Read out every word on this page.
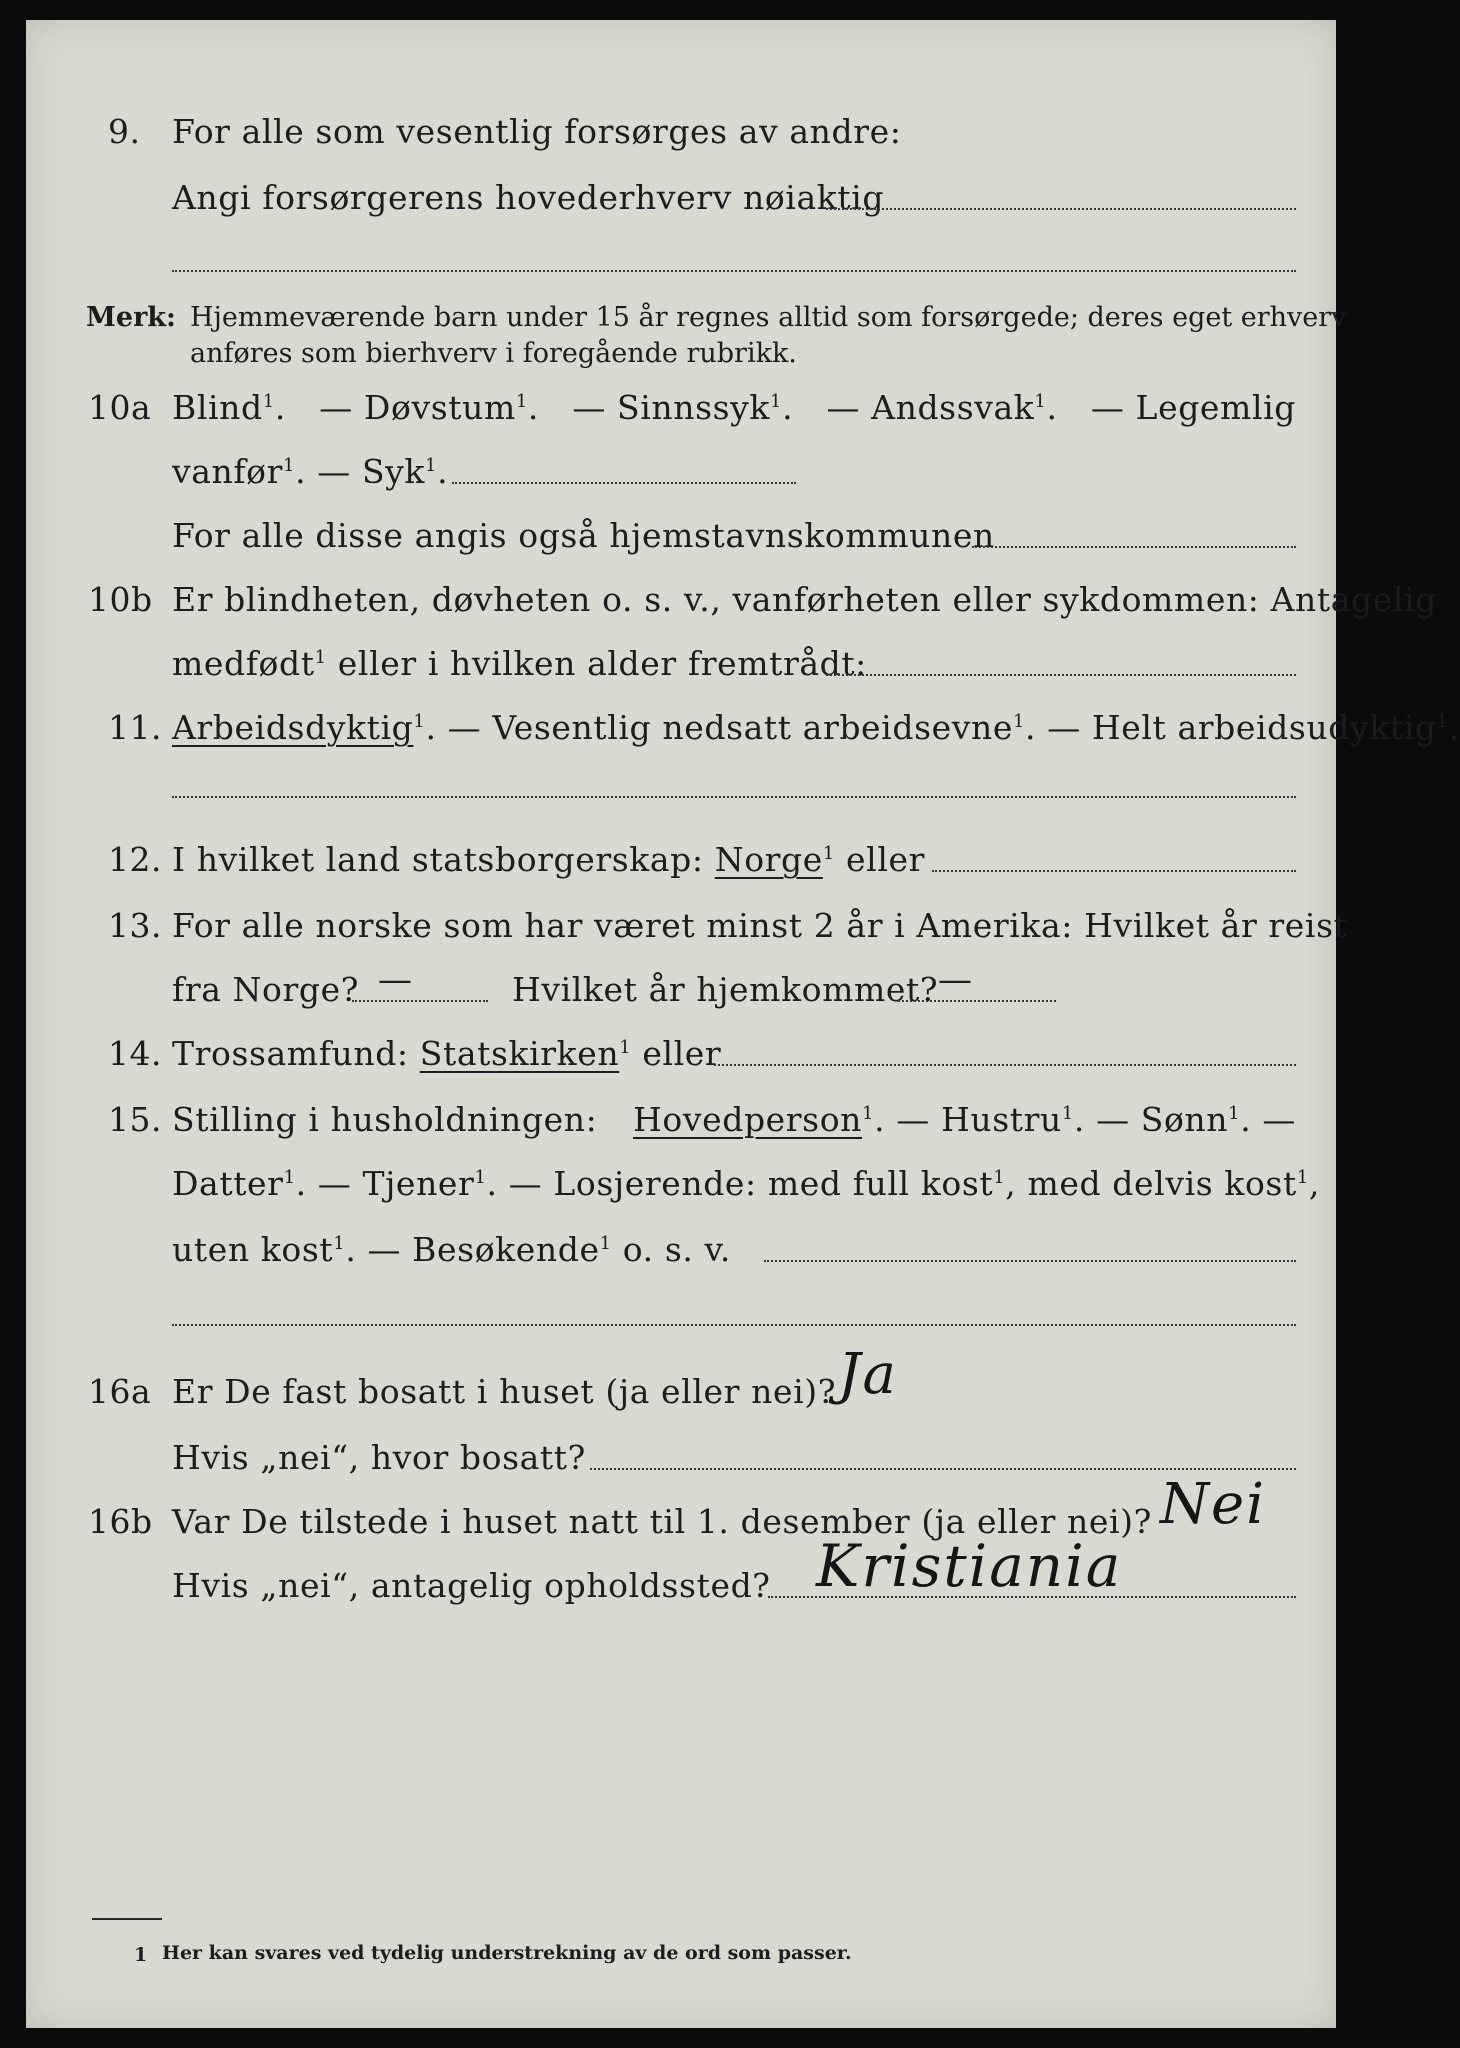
9. For alle som vesentlig forsørges av andre:
Angi forsørgerens hovederhverv nøiaktig
Merk: Hjemmeværende barn under 15 år regnes alltid som forsørgede; deres eget erhverv
anføres som bierhverv i foregående rubrikk.
10a Blind$^1$. — Døvstum$^1$. — Sinnssyk$^1$. — Andssvak$^1$. — Legemlig
vanfør$^1$. — Syk$^1$.
For alle disse angis også hjemstavnskommunen
10b Er blindheten, døvheten o. s. v., vanførheten eller sykdommen: Antagelig
medfødt$^1$ eller i hvilken alder fremtrådt:
11. Arbeidsdyktig$^1$. — Vesentlig nedsatt arbeidsevne$^1$. — Helt arbeidsudyktig$^1$.
12. I hvilket land statsborgerskap: Norge$^1$ eller
13. For alle norske som har været minst 2 år i Amerika: Hvilket år reist
fra Norge? —	Hvilket år hjemkommet? —
14. Trossamfund: Statskirken$^1$ eller
15. Stilling i husholdningen: Hovedperson$^1$. — Hustru$^1$. — Sønn$^1$. —
Datter$^1$. — Tjener$^1$. — Losjerende: med full kost$^1$, med delvis kost$^1$,
uten kost$^1$. — Besøkende$^1$ o. s. v.
16a Er De fast bosatt i huset (ja eller nei)? Ja
Hvis „nei“, hvor bosatt?
16b Var De tilstede i huset natt til 1. desember (ja eller nei)? Nei
Hvis „nei“, antagelig opholdssted? Kristiania
1 Her kan svares ved tydelig understrekning av de ord som passer.
